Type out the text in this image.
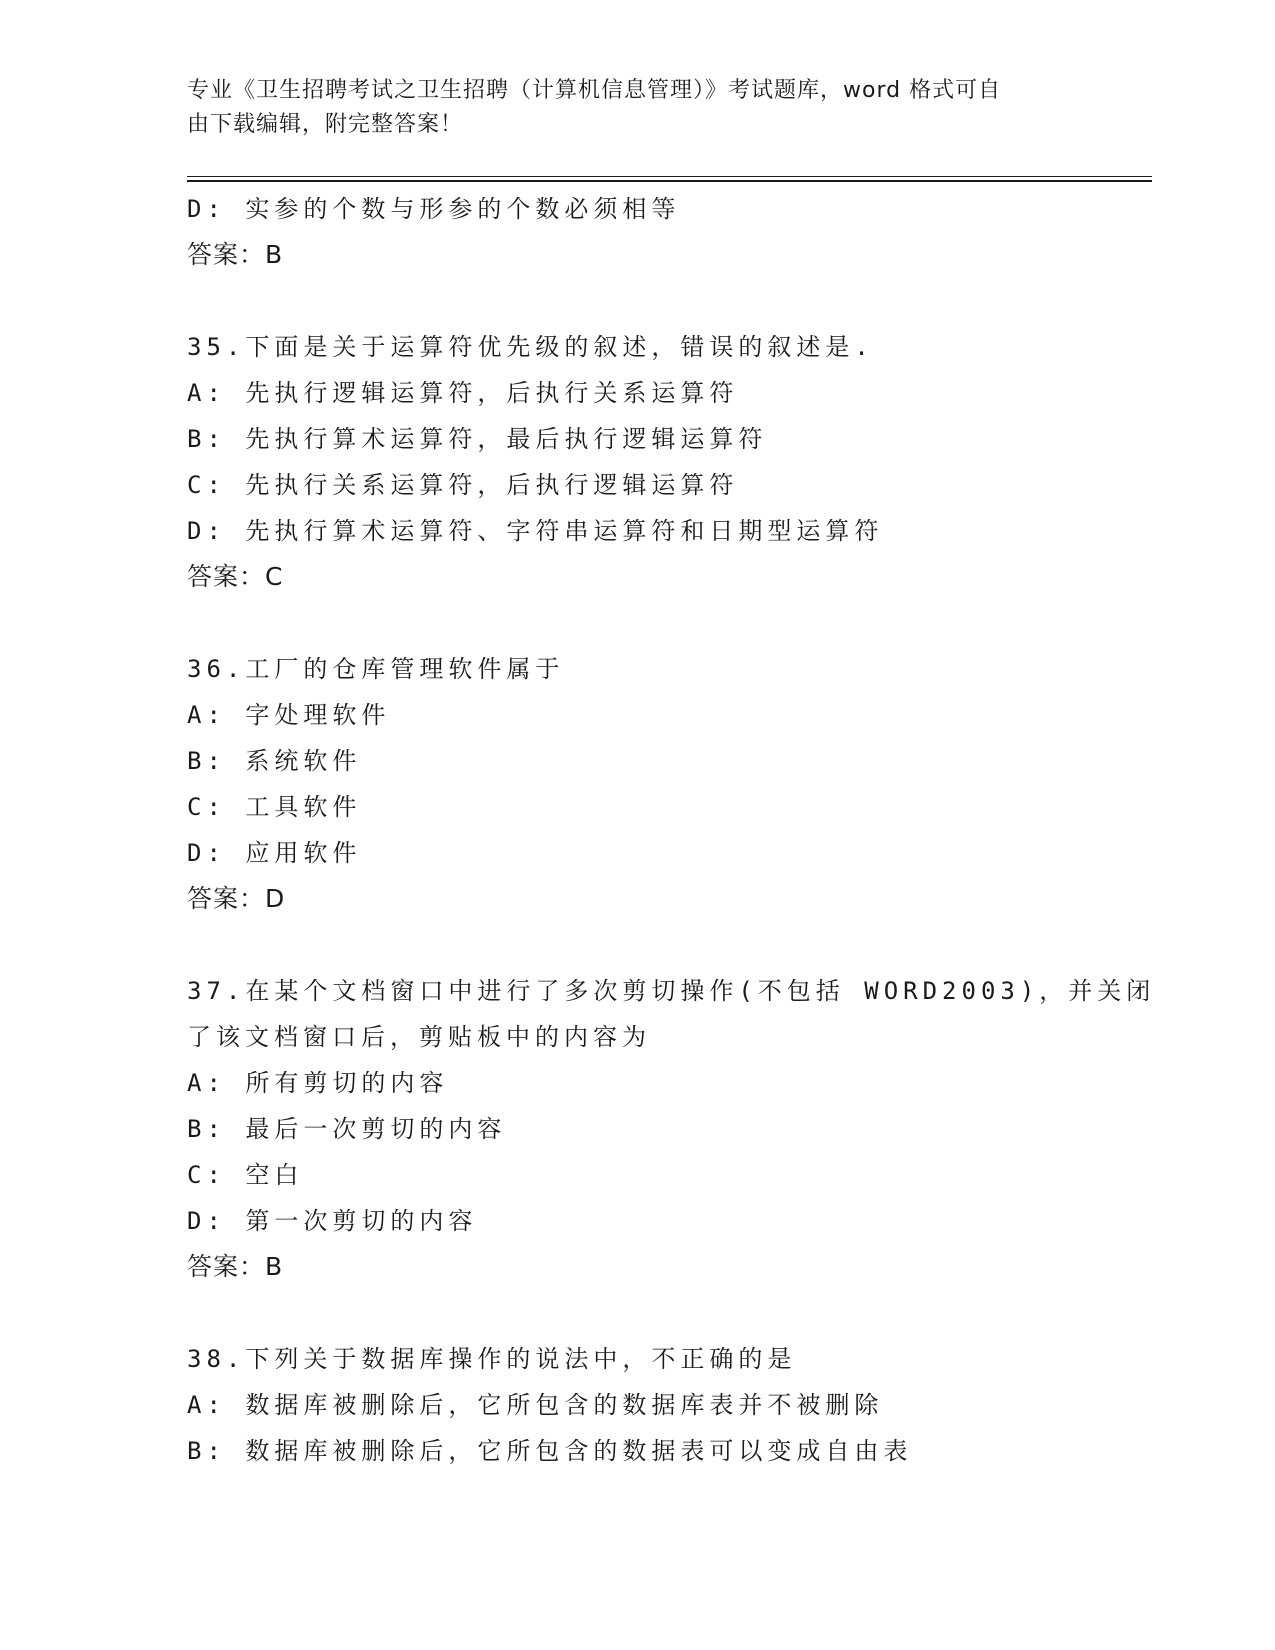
专业《卫生招聘考试之卫生招聘（计算机信息管理）》考试题库，word 格式可自
由下载编辑，附完整答案！
D: 实参的个数与形参的个数必须相等
答案：B
35.下面是关于运算符优先级的叙述，错误的叙述是.
A: 先执行逻辑运算符，后执行关系运算符
B: 先执行算术运算符，最后执行逻辑运算符
C: 先执行关系运算符，后执行逻辑运算符
D: 先执行算术运算符、字符串运算符和日期型运算符
答案：C
36.工厂的仓库管理软件属于
A: 字处理软件
B: 系统软件
C: 工具软件
D: 应用软件
答案：D
37.在某个文档窗口中进行了多次剪切操作(不包括 WORD2003)，并关闭
了该文档窗口后，剪贴板中的内容为
A: 所有剪切的内容
B: 最后一次剪切的内容
C: 空白
D: 第一次剪切的内容
答案：B
38.下列关于数据库操作的说法中，不正确的是
A: 数据库被删除后，它所包含的数据库表并不被删除
B: 数据库被删除后，它所包含的数据表可以变成自由表
